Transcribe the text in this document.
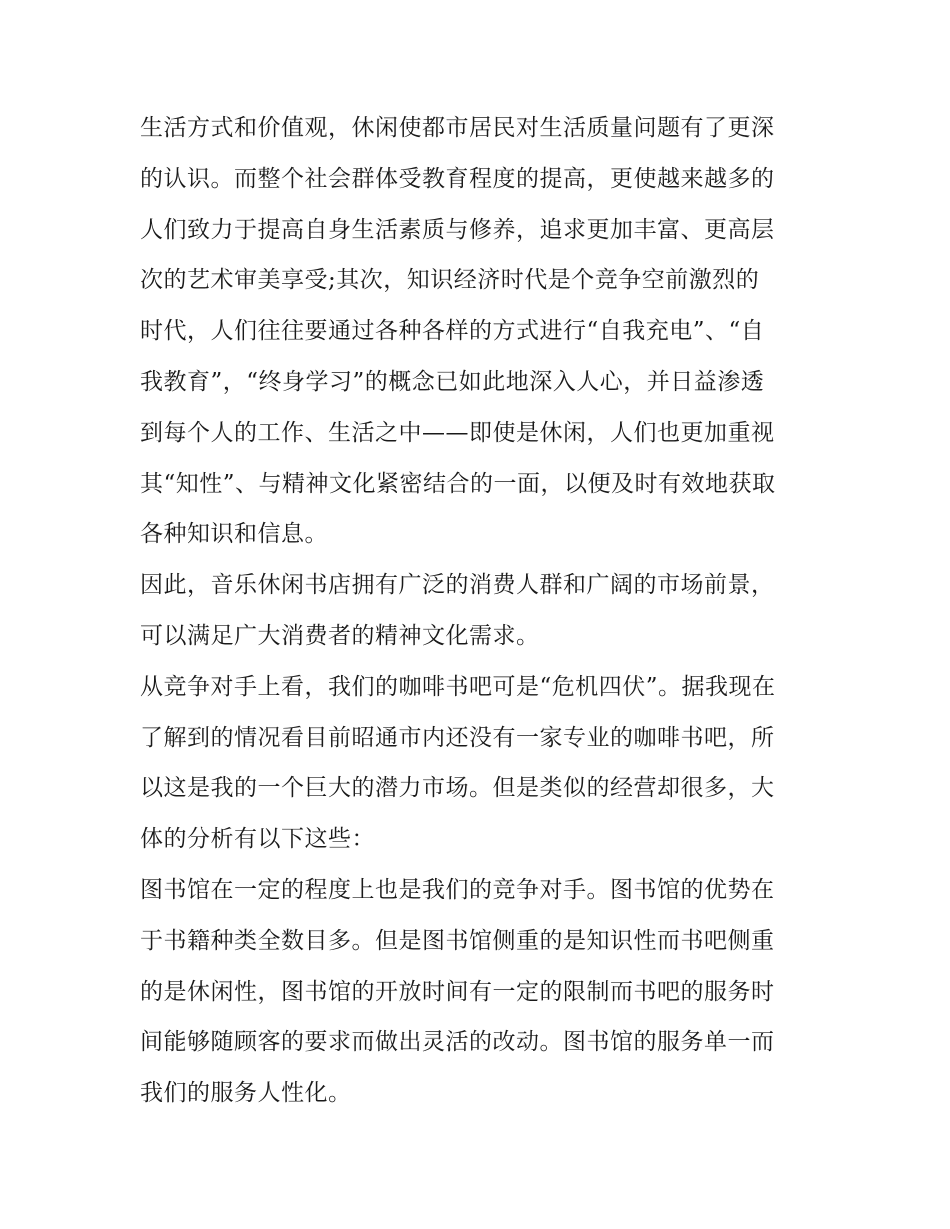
生活方式和价值观，休闲使都市居民对生活质量问题有了更深
的认识。而整个社会群体受教育程度的提高，更使越来越多的
人们致力于提高自身生活素质与修养，追求更加丰富、更高层
次的艺术审美享受;其次，知识经济时代是个竞争空前激烈的
时代，人们往往要通过各种各样的方式进行“自我充电”、“自
我教育”，“终身学习”的概念已如此地深入人心，并日益渗透
到每个人的工作、生活之中——即使是休闲，人们也更加重视
其“知性”、与精神文化紧密结合的一面，以便及时有效地获取
各种知识和信息。
因此，音乐休闲书店拥有广泛的消费人群和广阔的市场前景，
可以满足广大消费者的精神文化需求。
从竞争对手上看，我们的咖啡书吧可是“危机四伏”。据我现在
了解到的情况看目前昭通市内还没有一家专业的咖啡书吧，所
以这是我的一个巨大的潜力市场。但是类似的经营却很多，大
体的分析有以下这些：
图书馆在一定的程度上也是我们的竞争对手。图书馆的优势在
于书籍种类全数目多。但是图书馆侧重的是知识性而书吧侧重
的是休闲性，图书馆的开放时间有一定的限制而书吧的服务时
间能够随顾客的要求而做出灵活的改动。图书馆的服务单一而
我们的服务人性化。
